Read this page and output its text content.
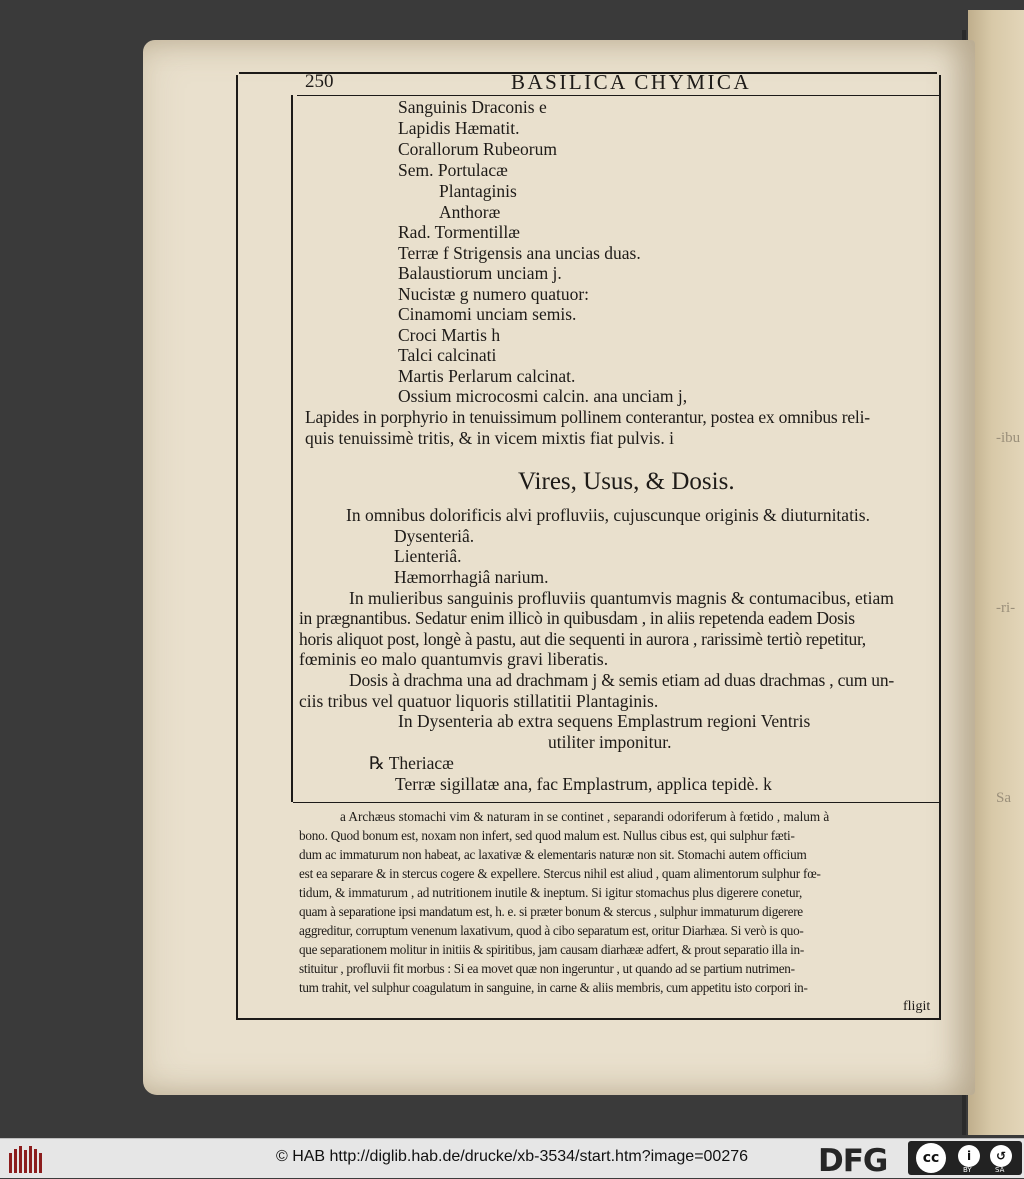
-ibu
-ri-
Sa
250	BASILICA CHYMICA
Sanguinis Draconis e
Lapidis Hæmatit.
Corallorum Rubeorum
Sem. Portulacæ
Plantaginis
Anthoræ
Rad. Tormentillæ
Terræ f Strigensis ana uncias duas.
Balaustiorum unciam j.
Nucistæ g numero quatuor:
Cinamomi unciam semis.
Croci Martis h
Talci calcinati
Martis Perlarum calcinat.
Ossium microcosmi calcin. ana unciam j,
Lapides in porphyrio in tenuissimum pollinem conterantur, postea ex omnibus reli-
quis tenuissimè tritis, & in vicem mixtis fiat pulvis. i
Vires, Usus, & Dosis.
In omnibus dolorificis alvi profluviis, cujuscunque originis & diuturnitatis.
Dysenteriâ.
Lienteriâ.
Hæmorrhagiâ narium.
In mulieribus sanguinis profluviis quantumvis magnis & contumacibus, etiam
in prægnantibus. Sedatur enim illicò in quibusdam , in aliis repetenda eadem Dosis
horis aliquot post, longè à pastu, aut die sequenti in aurora , rarissimè tertiò repetitur,
fœminis eo malo quantumvis gravi liberatis.
Dosis à drachma una ad drachmam j & semis etiam ad duas drachmas , cum un-
ciis tribus vel quatuor liquoris stillatitii Plantaginis.
In Dysenteria ab extra sequens Emplastrum regioni Ventris
utiliter imponitur.
℞ Theriacæ
Terræ sigillatæ ana, fac Emplastrum, applica tepidè. k
a Archæus stomachi vim & naturam in se continet , separandi odoriferum à fœtido , malum à
bono. Quod bonum est, noxam non infert, sed quod malum est. Nullus cibus est, qui sulphur fæti-
dum ac immaturum non habeat, ac laxativæ & elementaris naturæ non sit. Stomachi autem officium
est ea separare & in stercus cogere & expellere. Stercus nihil est aliud , quam alimentorum sulphur fœ-
tidum, & immaturum , ad nutritionem inutile & ineptum. Si igitur stomachus plus digerere conetur,
quam à separatione ipsi mandatum est, h. e. si præter bonum & stercus , sulphur immaturum digerere
aggreditur, corruptum venenum laxativum, quod à cibo separatum est, oritur Diarhæa. Si verò is quo-
que separationem molitur in initiis & spiritibus, jam causam diarhææ adfert, & prout separatio illa in-
stituitur , profluvii fit morbus : Si ea movet quæ non ingeruntur , ut quando ad se partium nutrimen-
tum trahit, vel sulphur coagulatum in sanguine, in carne & aliis membris, cum appetitu isto corpori in-
fligit
© HAB http://diglib.hab.de/drucke/xb-3534/start.htm?image=00276	DFG	cc	i	↺
BY	SA
